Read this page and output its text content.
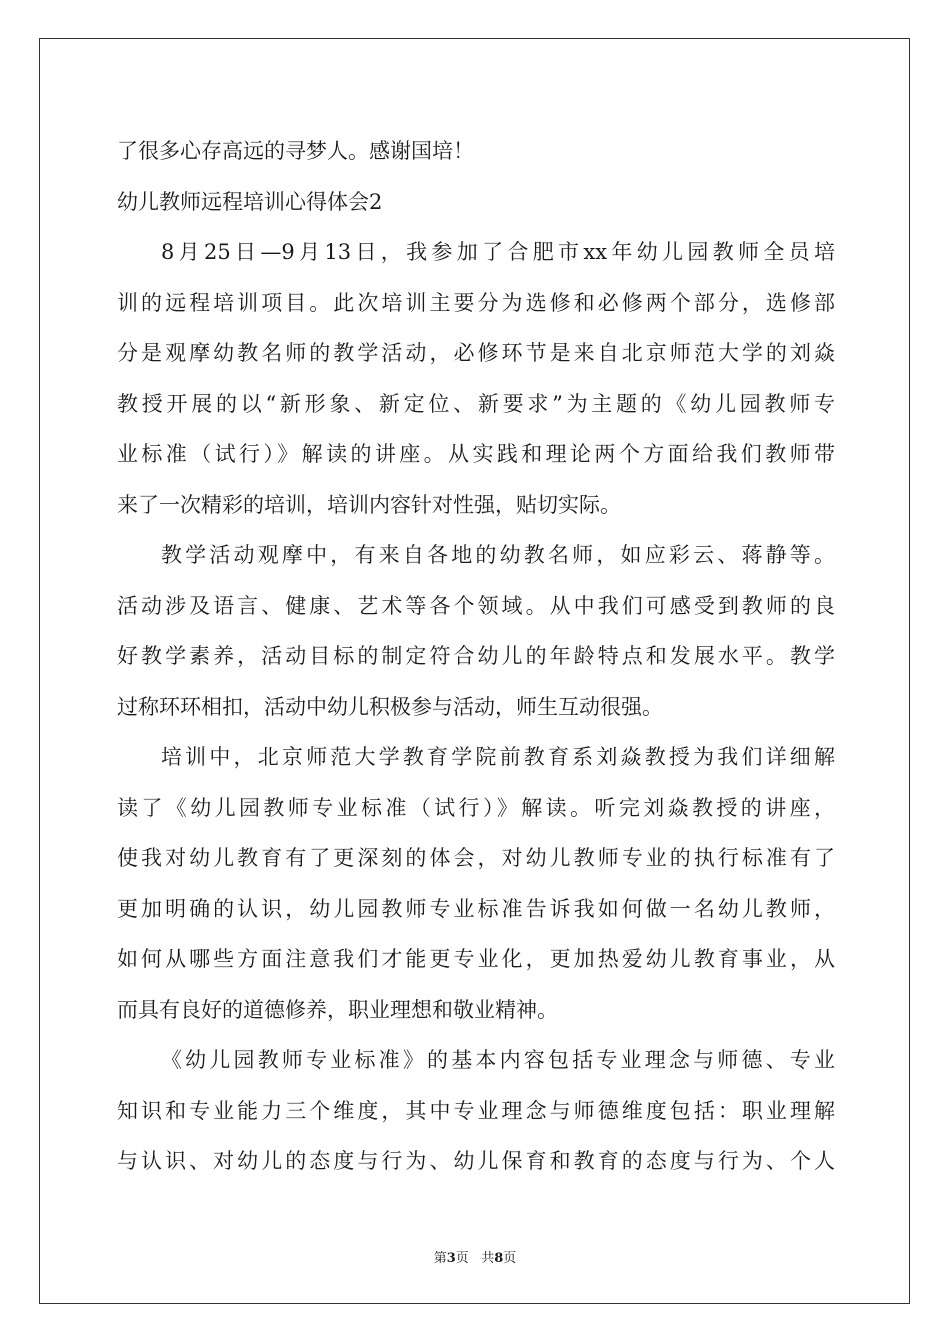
了很多心存高远的寻梦人。感谢国培！
幼儿教师远程培训心得体会2
8月25日—9月13日，我参加了合肥市xx年幼儿园教师全员培
训的远程培训项目。此次培训主要分为选修和必修两个部分，选修部
分是观摩幼教名师的教学活动，必修环节是来自北京师范大学的刘焱
教授开展的以“新形象、新定位、新要求”为主题的《幼儿园教师专
业标准（试行）》解读的讲座。从实践和理论两个方面给我们教师带
来了一次精彩的培训，培训内容针对性强，贴切实际。
教学活动观摩中，有来自各地的幼教名师，如应彩云、蒋静等。
活动涉及语言、健康、艺术等各个领域。从中我们可感受到教师的良
好教学素养，活动目标的制定符合幼儿的年龄特点和发展水平。教学
过称环环相扣，活动中幼儿积极参与活动，师生互动很强。
培训中，北京师范大学教育学院前教育系刘焱教授为我们详细解
读了《幼儿园教师专业标准（试行）》解读。听完刘焱教授的讲座，
使我对幼儿教育有了更深刻的体会，对幼儿教师专业的执行标准有了
更加明确的认识，幼儿园教师专业标准告诉我如何做一名幼儿教师，
如何从哪些方面注意我们才能更专业化，更加热爱幼儿教育事业，从
而具有良好的道德修养，职业理想和敬业精神。
《幼儿园教师专业标准》的基本内容包括专业理念与师德、专业
知识和专业能力三个维度，其中专业理念与师德维度包括：职业理解
与认识、对幼儿的态度与行为、幼儿保育和教育的态度与行为、个人
第3页 共8页
